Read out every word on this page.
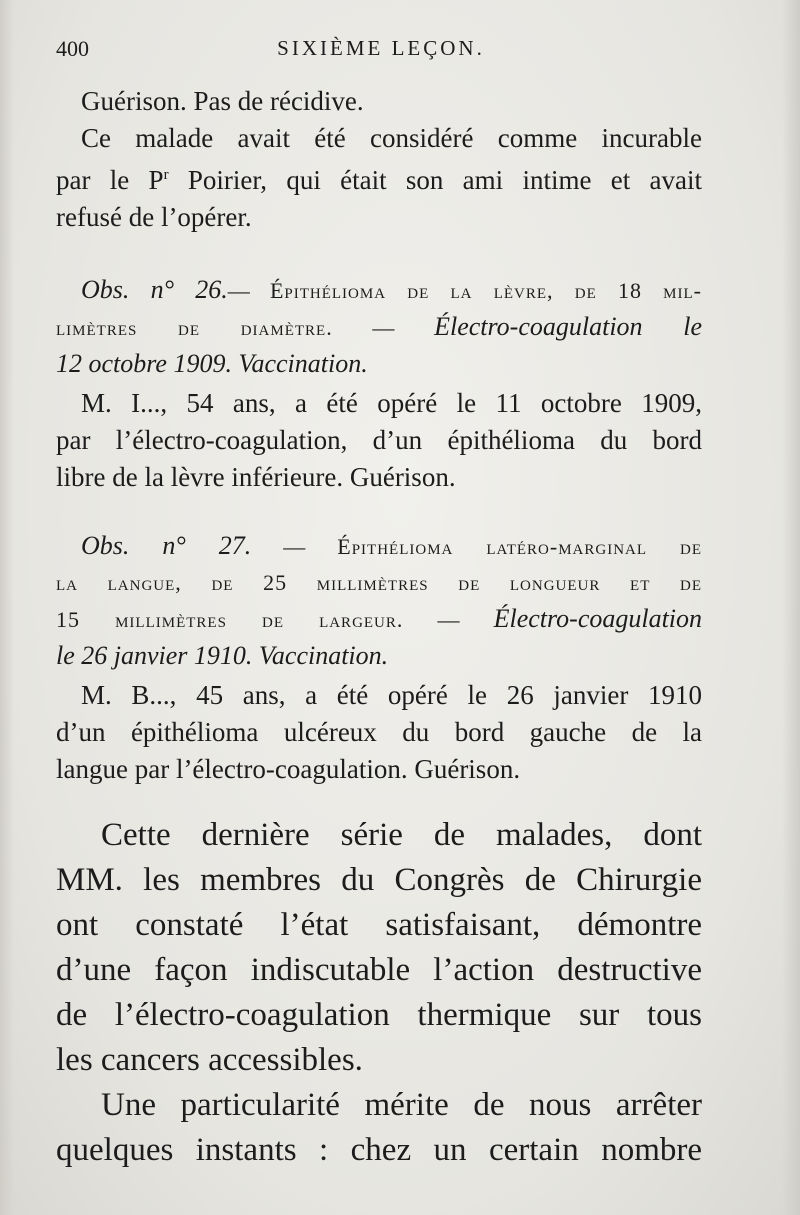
400	SIXIÈME LEÇON.
Guérison. Pas de récidive.
Ce malade avait été considéré comme incurable
par le $P^r$ Poirier, qui était son ami intime et avait
refusé de l’opérer.
Obs. n° 26.— Épithélioma de la lèvre, de 18 mil-
limètres de diamètre. — Électro-coagulation le
12 octobre 1909. Vaccination.
M. I..., 54 ans, a été opéré le 11 octobre 1909,
par l’électro-coagulation, d’un épithélioma du bord
libre de la lèvre inférieure. Guérison.
Obs. n° 27. — Épithélioma latéro-marginal de
la langue, de 25 millimètres de longueur et de
15 millimètres de largeur. — Électro-coagulation
le 26 janvier 1910. Vaccination.
M. B..., 45 ans, a été opéré le 26 janvier 1910
d’un épithélioma ulcéreux du bord gauche de la
langue par l’électro-coagulation. Guérison.
Cette dernière série de malades, dont
MM. les membres du Congrès de Chirurgie
ont constaté l’état satisfaisant, démontre
d’une façon indiscutable l’action destructive
de l’électro-coagulation thermique sur tous
les cancers accessibles.
Une particularité mérite de nous arrêter
quelques instants : chez un certain nombre
